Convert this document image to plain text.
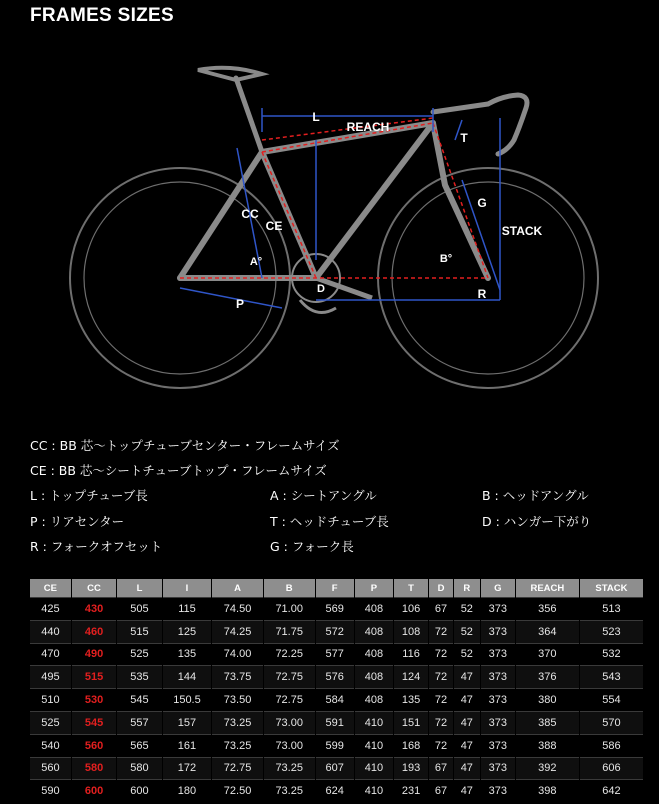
FRAMES SIZES
L
REACH
T
G
STACK
CC
CE
A°	B°
D
P
R
CC : BB 芯～トップチューブセンター・フレームサイズ
CE : BB 芯～シートチューブトップ・フレームサイズ
L : トップチューブ長	A : シートアングル	B : ヘッドアングル
P : リアセンター	T : ヘッドチューブ長	D : ハンガー下がり
R : フォークオフセット	G : フォーク長
CE	CC	L	I	A	B	F	P	T	D	R	G	REACH	STACK
425	430	505	115	74.50	71.00	569	408	106	67	52	373	356	513
440	460	515	125	74.25	71.75	572	408	108	72	52	373	364	523
470	490	525	135	74.00	72.25	577	408	116	72	52	373	370	532
495	515	535	144	73.75	72.75	576	408	124	72	47	373	376	543
510	530	545	150.5	73.50	72.75	584	408	135	72	47	373	380	554
525	545	557	157	73.25	73.00	591	410	151	72	47	373	385	570
540	560	565	161	73.25	73.00	599	410	168	72	47	373	388	586
560	580	580	172	72.75	73.25	607	410	193	67	47	373	392	606
590	600	600	180	72.50	73.25	624	410	231	67	47	373	398	642
